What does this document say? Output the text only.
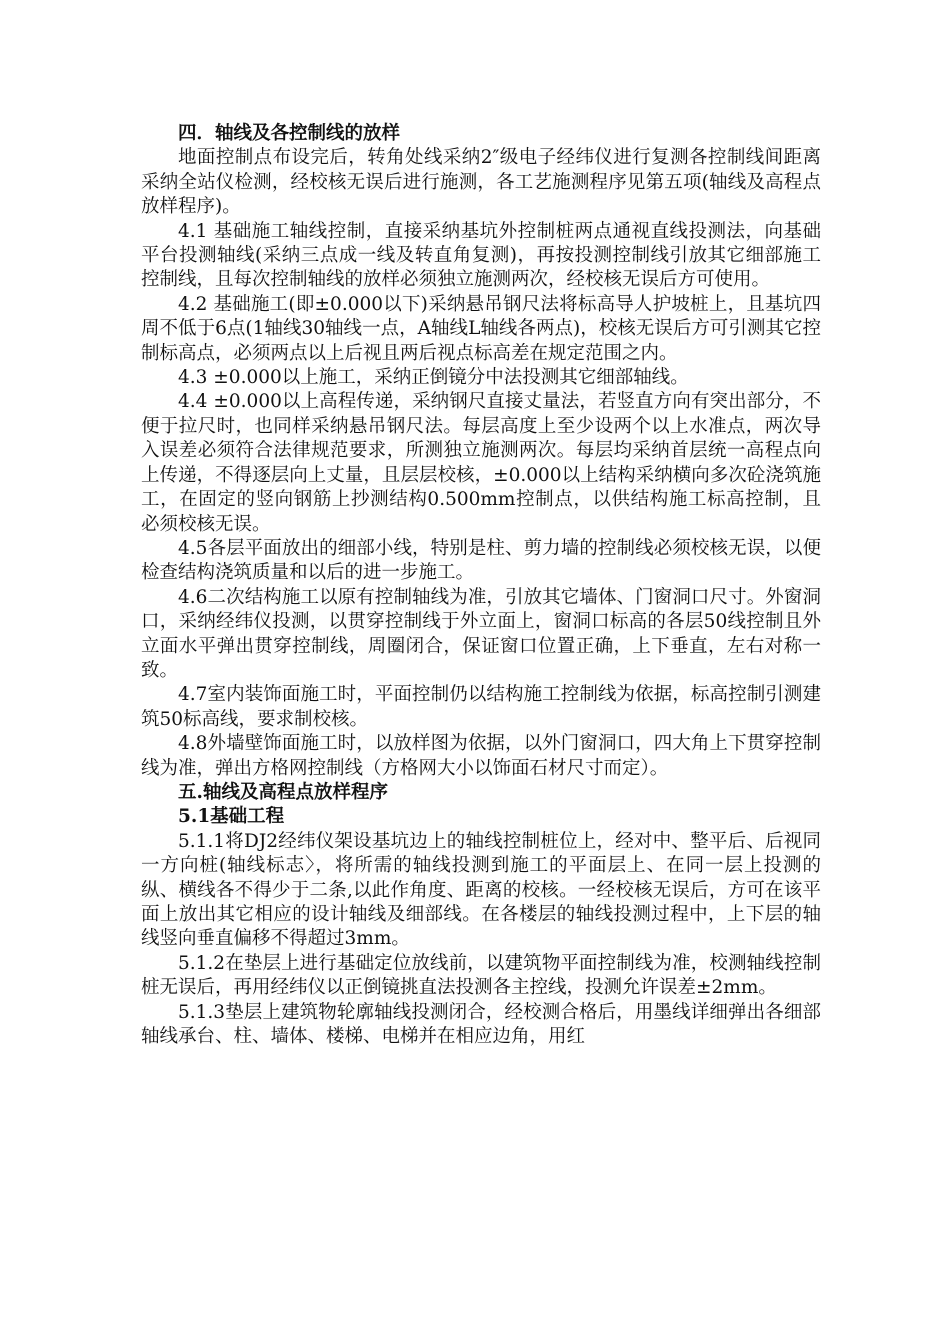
四．轴线及各控制线的放样

地面控制点布设完后，转角处线采纳2″级电子经纬仪进行复测各控制线间距离采纳全站仪检测，经校核无误后进行施测，各工艺施测程序见第五项(轴线及高程点放样程序)。

4.1 基础施工轴线控制，直接采纳基坑外控制桩两点通视直线投测法，向基础平台投测轴线(采纳三点成一线及转直角复测)，再按投测控制线引放其它细部施工控制线，且每次控制轴线的放样必须独立施测两次，经校核无误后方可使用。

4.2 基础施工(即±0.000以下)采纳悬吊钢尺法将标高导人护坡桩上，且基坑四周不低于6点(1轴线30轴线一点，A轴线L轴线各两点)，校核无误后方可引测其它控制标高点，必须两点以上后视且两后视点标高差在规定范围之内。

4.3 ±0.000以上施工，采纳正倒镜分中法投测其它细部轴线。

4.4 ±0.000以上高程传递，采纳钢尺直接丈量法，若竖直方向有突出部分，不便于拉尺时，也同样采纳悬吊钢尺法。每层高度上至少设两个以上水准点，两次导入误差必须符合法律规范要求，所测独立施测两次。每层均采纳首层统一高程点向上传递，不得逐层向上丈量，且层层校核，±0.000以上结构采纳横向多次砼浇筑施工，在固定的竖向钢筋上抄测结构0.500mm控制点，以供结构施工标高控制，且必须校核无误。

4.5各层平面放出的细部小线，特别是柱、剪力墙的控制线必须校核无误，以便检查结构浇筑质量和以后的进一步施工。

4.6二次结构施工以原有控制轴线为准，引放其它墙体、门窗洞口尺寸。外窗洞口，采纳经纬仪投测，以贯穿控制线于外立面上，窗洞口标高的各层50线控制且外立面水平弹出贯穿控制线，周圈闭合，保证窗口位置正确，上下垂直，左右对称一致。

4.7室内装饰面施工时，平面控制仍以结构施工控制线为依据，标高控制引测建筑50标高线，要求制校核。

4.8外墙壁饰面施工时，以放样图为依据，以外门窗洞口，四大角上下贯穿控制线为准，弹出方格网控制线（方格网大小以饰面石材尺寸而定）。

五.轴线及高程点放样程序

5.1基础工程

5.1.1将DJ2经纬仪架设基坑边上的轴线控制桩位上，经对中、整平后、后视同一方向桩(轴线标志〉，将所需的轴线投测到施工的平面层上、在同一层上投测的纵、横线各不得少于二条,以此作角度、距离的校核。一经校核无误后，方可在该平面上放出其它相应的设计轴线及细部线。在各楼层的轴线投测过程中，上下层的轴线竖向垂直偏移不得超过3mm。

5.1.2在垫层上进行基础定位放线前，以建筑物平面控制线为准，校测轴线控制桩无误后，再用经纬仪以正倒镜挑直法投测各主控线，投测允许误差±2mm。

5.1.3垫层上建筑物轮廓轴线投测闭合，经校测合格后，用墨线详细弹出各细部轴线承台、柱、墙体、楼梯、电梯并在相应边角，用红
